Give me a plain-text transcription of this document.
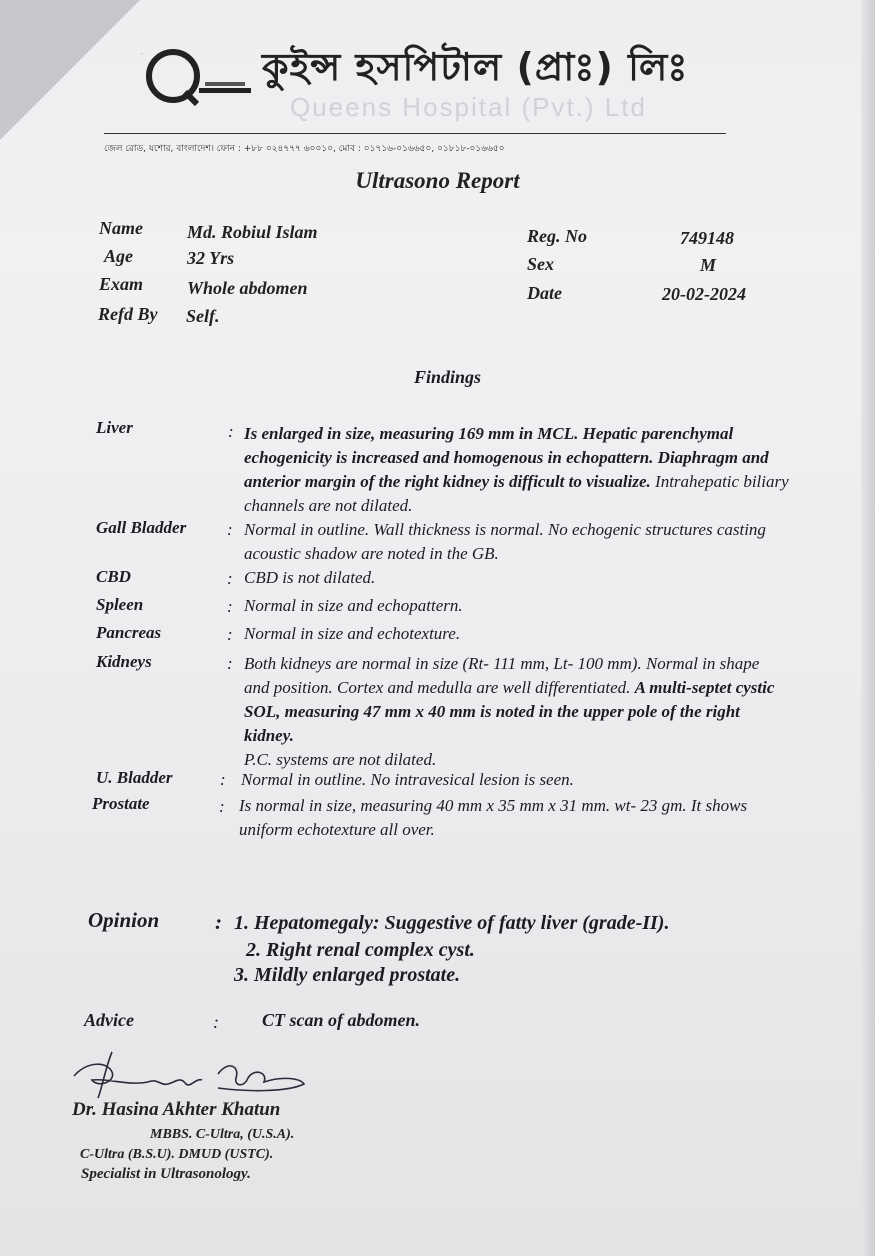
.	কুইন্স হসপিটাল (প্রাঃ) লিঃ
Queens Hospital (Pvt.) Ltd
জেল রোড, যশোর, বাংলাদেশ। ফোন : +৮৮ ০২৪৭৭৭ ৬০০১০, মোব : ০১৭১৬-০১৬৬৫০, ০১৮১৮-০১৬৬৫০
Ultrasono Report
Name Md. Robiul Islam
Age	32 Yrs
Exam Whole abdomen
Refd By Self.
Reg. No	749148
Sex	M
Date	20-02-2024
Findings
Liver	: Is enlarged in size, measuring 169 mm in MCL. Hepatic parenchymal echogenicity is increased and homogenous in echopattern. Diaphragm and anterior margin of the right kidney is difficult to visualize. Intrahepatic biliary channels are not dilated.
Gall Bladder : Normal in outline. Wall thickness is normal. No echogenic structures casting acoustic shadow are noted in the GB.
CBD	: CBD is not dilated.
Spleen	: Normal in size and echopattern.
Pancreas	: Normal in size and echotexture.
Kidneys	: Both kidneys are normal in size (Rt- 111 mm, Lt- 100 mm). Normal in shape and position. Cortex and medulla are well differentiated. A multi-septet cystic SOL, measuring 47 mm x 40 mm is noted in the upper pole of the right kidney.
P.C. systems are not dilated.
U. Bladder	: Normal in outline. No intravesical lesion is seen.
Prostate	: Is normal in size, measuring 40 mm x 35 mm x 31 mm. wt- 23 gm. It shows uniform echotexture all over.
Opinion	: 1. Hepatomegaly: Suggestive of fatty liver (grade-II).
2. Right renal complex cyst.
3. Mildly enlarged prostate.
Advice	: CT scan of abdomen.
Dr. Hasina Akhter Khatun
MBBS. C-Ultra, (U.S.A).
C-Ultra (B.S.U). DMUD (USTC).
Specialist in Ultrasonology.
